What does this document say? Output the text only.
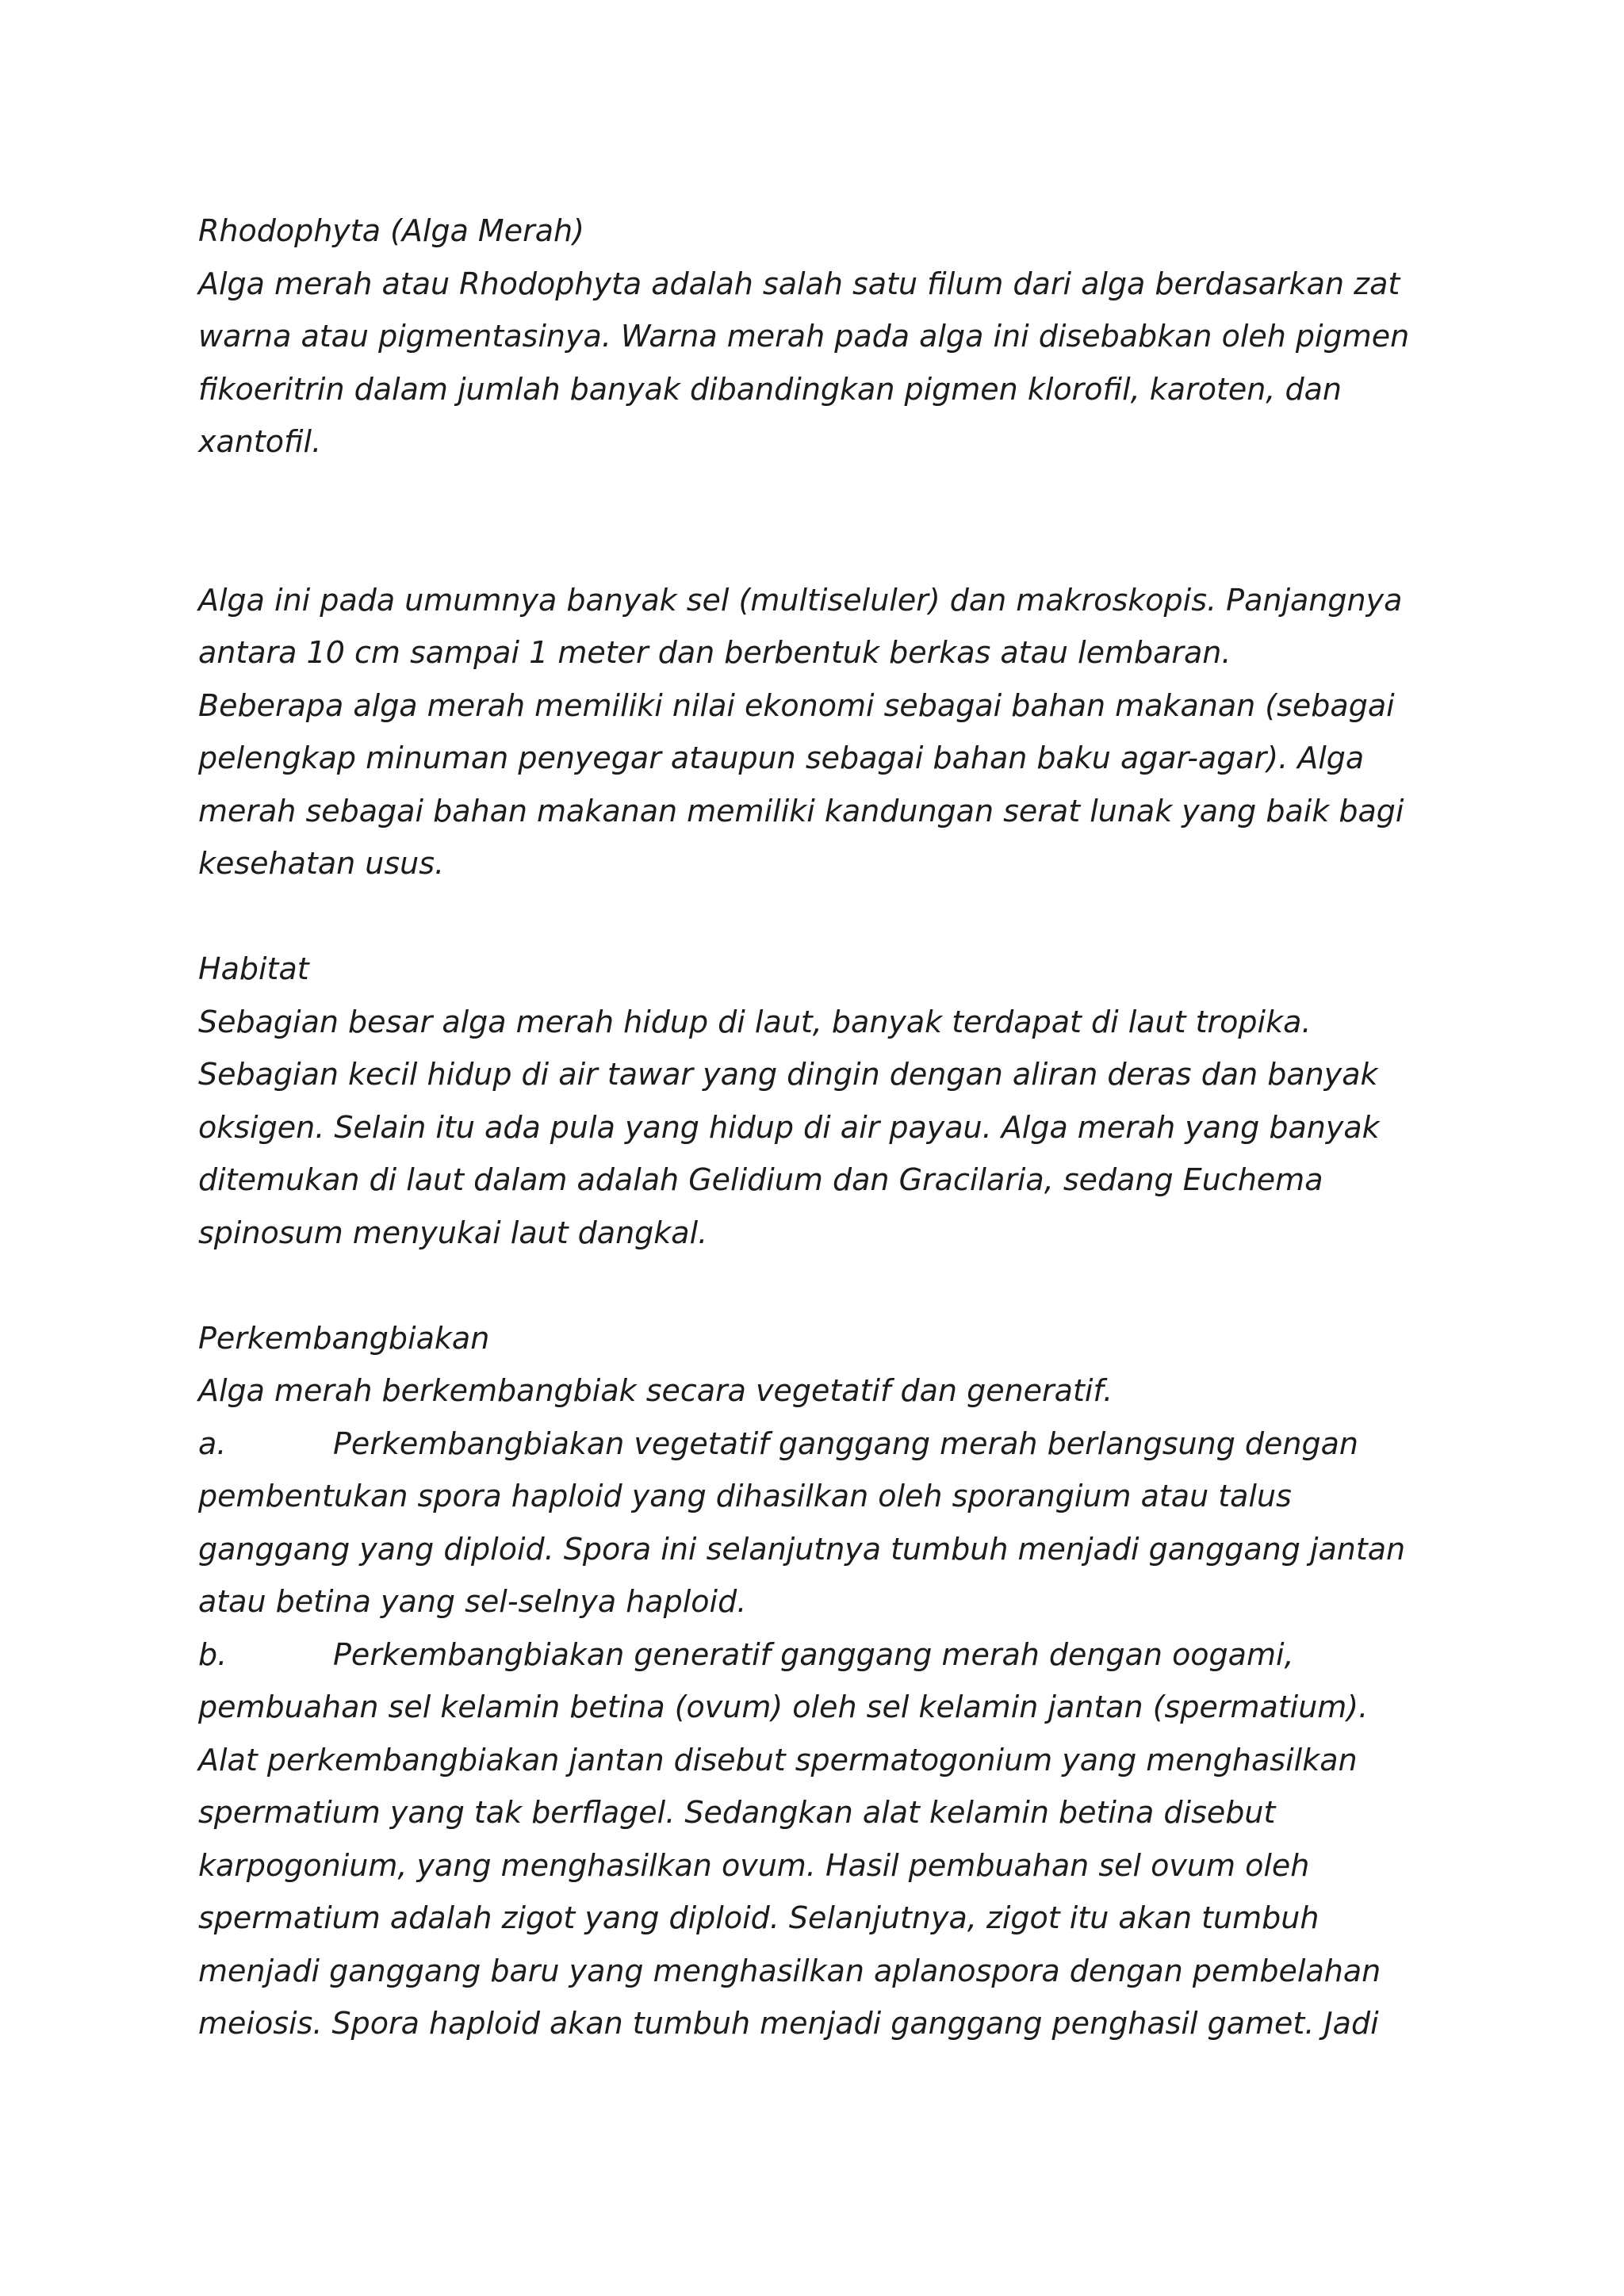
Rhodophyta (Alga Merah)
Alga merah atau Rhodophyta adalah salah satu filum dari alga berdasarkan zat
warna atau pigmentasinya. Warna merah pada alga ini disebabkan oleh pigmen
fikoeritrin dalam jumlah banyak dibandingkan pigmen klorofil, karoten, dan
xantofil.
Alga ini pada umumnya banyak sel (multiseluler) dan makroskopis. Panjangnya
antara 10 cm sampai 1 meter dan berbentuk berkas atau lembaran.
Beberapa alga merah memiliki nilai ekonomi sebagai bahan makanan (sebagai
pelengkap minuman penyegar ataupun sebagai bahan baku agar-agar). Alga
merah sebagai bahan makanan memiliki kandungan serat lunak yang baik bagi
kesehatan usus.
Habitat
Sebagian besar alga merah hidup di laut, banyak terdapat di laut tropika.
Sebagian kecil hidup di air tawar yang dingin dengan aliran deras dan banyak
oksigen. Selain itu ada pula yang hidup di air payau. Alga merah yang banyak
ditemukan di laut dalam adalah Gelidium dan Gracilaria, sedang Euchema
spinosum menyukai laut dangkal.
Perkembangbiakan
Alga merah berkembangbiak secara vegetatif dan generatif.
a.	Perkembangbiakan vegetatif ganggang merah berlangsung dengan
pembentukan spora haploid yang dihasilkan oleh sporangium atau talus
ganggang yang diploid. Spora ini selanjutnya tumbuh menjadi ganggang jantan
atau betina yang sel-selnya haploid.
b.	Perkembangbiakan generatif ganggang merah dengan oogami,
pembuahan sel kelamin betina (ovum) oleh sel kelamin jantan (spermatium).
Alat perkembangbiakan jantan disebut spermatogonium yang menghasilkan
spermatium yang tak berflagel. Sedangkan alat kelamin betina disebut
karpogonium, yang menghasilkan ovum. Hasil pembuahan sel ovum oleh
spermatium adalah zigot yang diploid. Selanjutnya, zigot itu akan tumbuh
menjadi ganggang baru yang menghasilkan aplanospora dengan pembelahan
meiosis. Spora haploid akan tumbuh menjadi ganggang penghasil gamet. Jadi
